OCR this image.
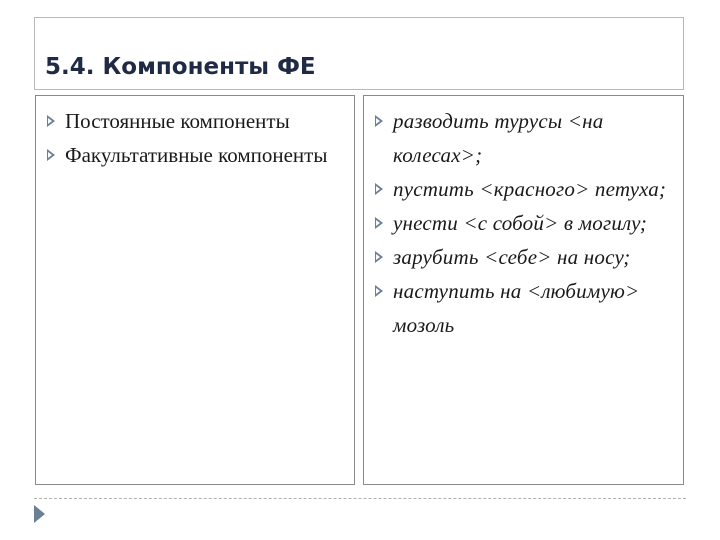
5.4. Компоненты ФЕ
Постоянные компоненты
Факультативные компоненты
разводить турусы <на колесах>;
пустить <красного> петуха;
унести <с собой> в могилу;
зарубить <себе> на носу;
наступить на <любимую> мозоль
